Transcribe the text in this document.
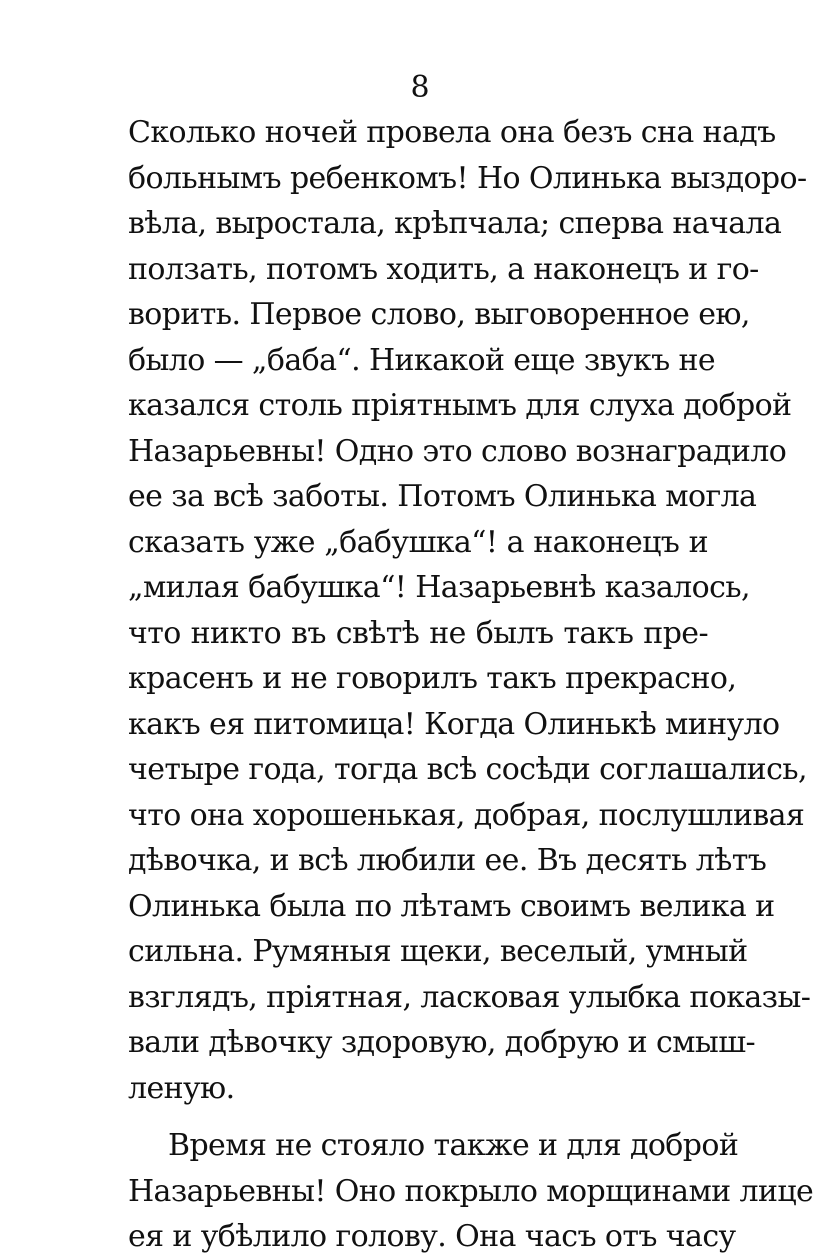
8
Сколько ночей провела она безъ сна надъ
больнымъ ребенкомъ! Но Олинька выздоро-
вѣла, выростала, крѣпчала; сперва начала
ползать, потомъ ходить, а наконецъ и го-
ворить. Первое слово, выговоренное ею,
было — „баба“. Никакой еще звукъ не
казался столь пріятнымъ для слуха доброй
Назарьевны! Одно это слово вознаградило
ее за всѣ заботы. Потомъ Олинька могла
сказать уже „бабушка“! а наконецъ и
„милая бабушка“! Назарьевнѣ казалось,
что никто въ свѣтѣ не былъ такъ пре-
красенъ и не говорилъ такъ прекрасно,
какъ ея питомица! Когда Олинькѣ минуло
четыре года, тогда всѣ сосѣди соглашались,
что она хорошенькая, добрая, послушливая
дѣвочка, и всѣ любили ее. Въ десять лѣтъ
Олинька была по лѣтамъ своимъ велика и
сильна. Румяныя щеки, веселый, умный
взглядъ, пріятная, ласковая улыбка показы-
вали дѣвочку здоровую, добрую и смыш-
леную.
Время не стояло также и для доброй
Назарьевны! Оно покрыло морщинами лице
ея и убѣлило голову. Она часъ отъ часу
